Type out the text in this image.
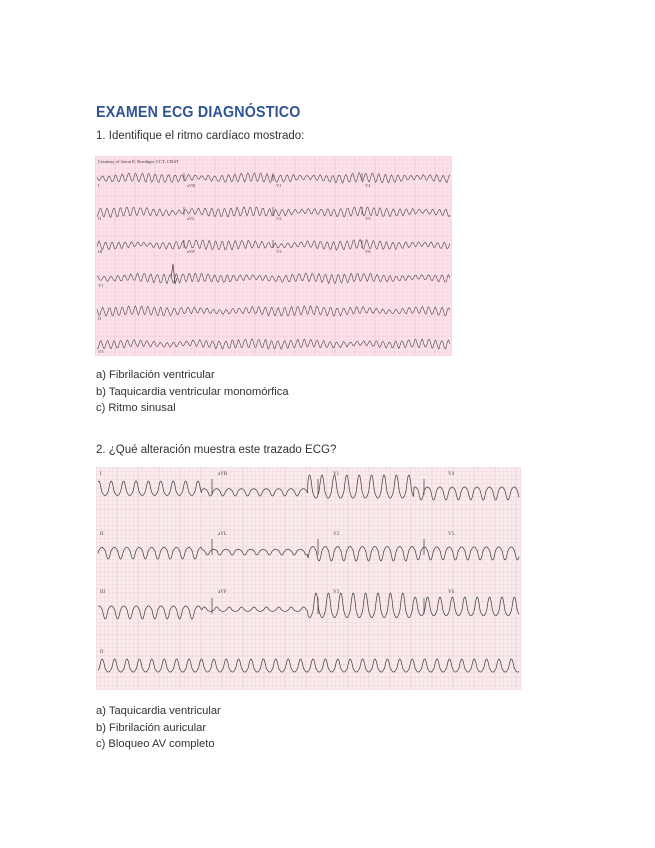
EXAMEN ECG DIAGNÓSTICO

1. Identifique el ritmo cardíaco mostrado:

Courtesy of Jason E. Roediger, CCT, CRAT
I	aVR	V1	V4
II	aVL	V2	V5
III	aVF	V3	V6
V1
II
V5
a) Fibrilación ventricular
b) Taquicardia ventricular monomórfica
c) Ritmo sinusal

2. ¿Qué alteración muestra este trazado ECG?

I	aVR	V1	V4
II	aVL	V2	V5
III	aVF	V3	V6
II
a) Taquicardia ventricular
b) Fibrilación auricular
c) Bloqueo AV completo
